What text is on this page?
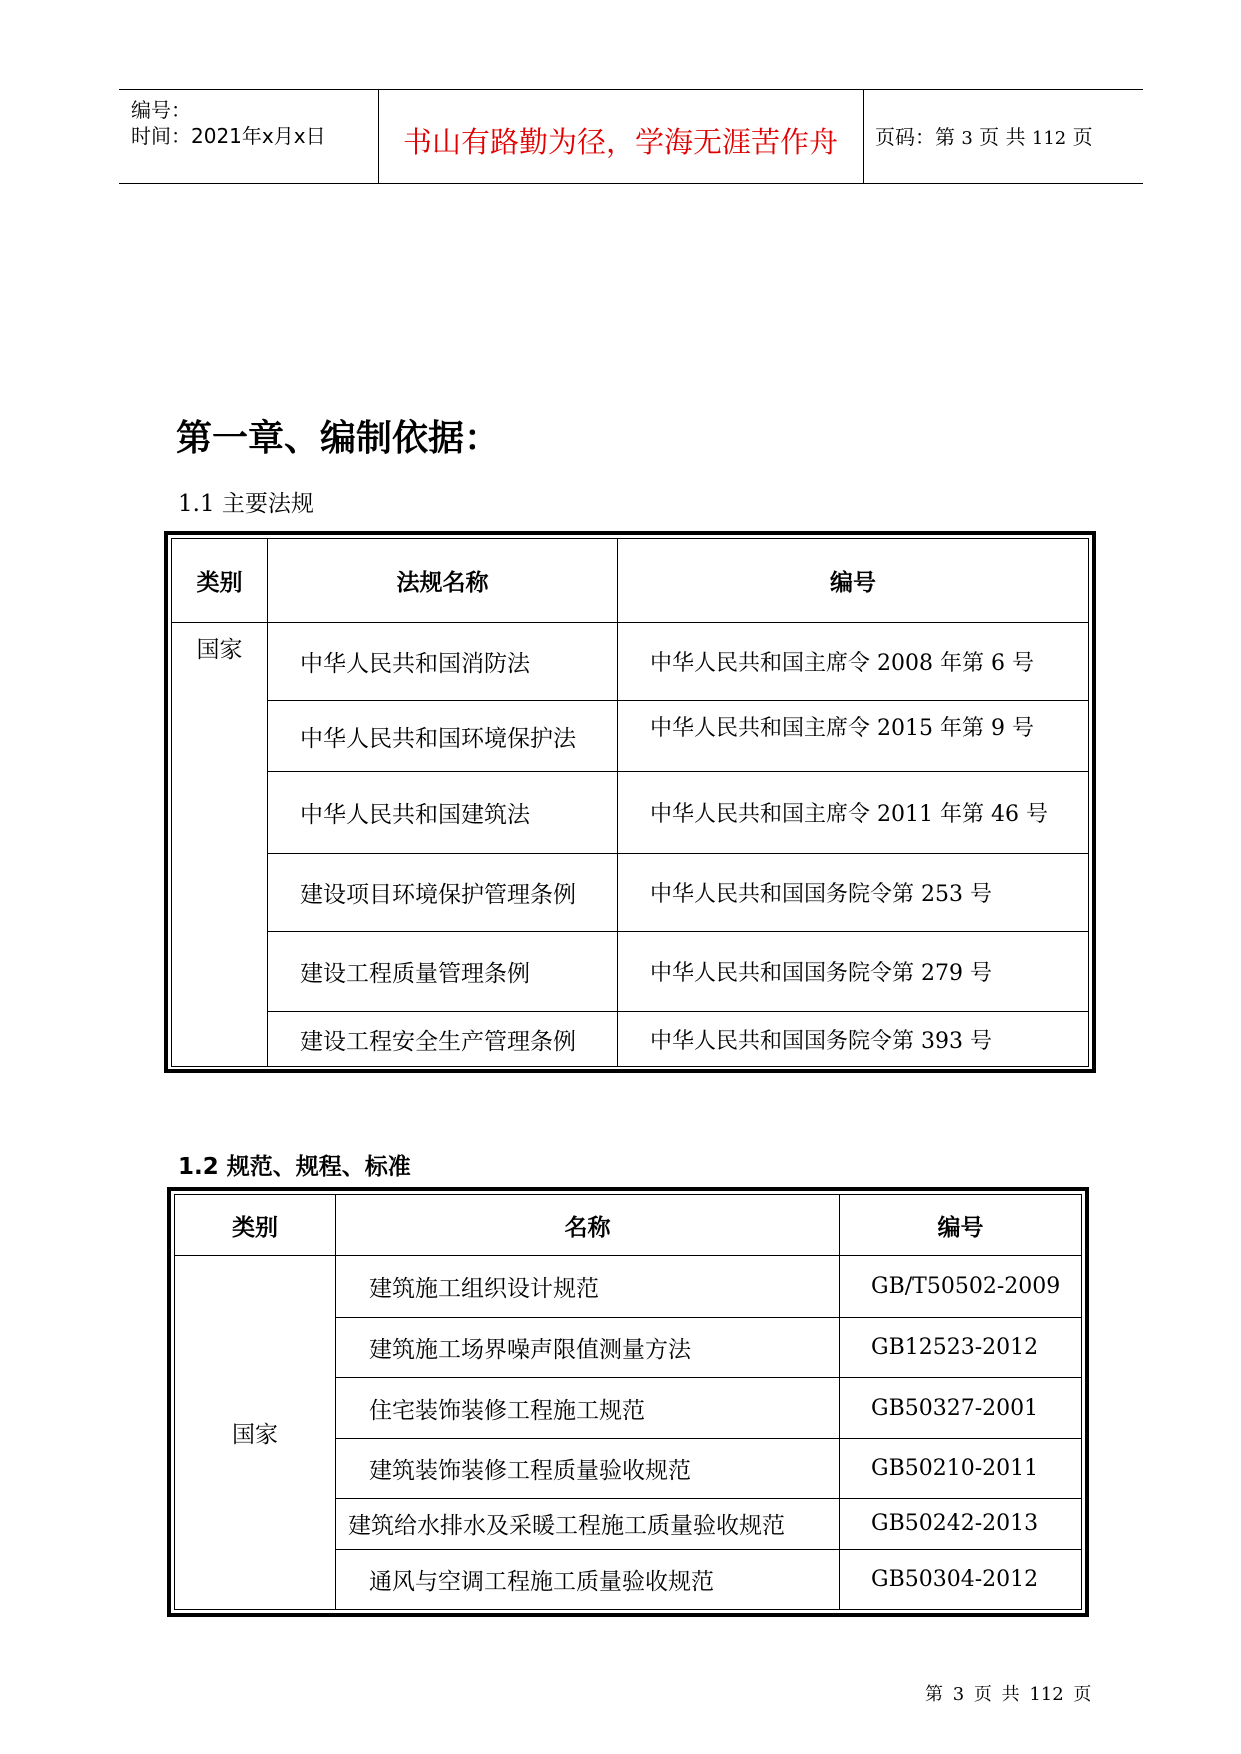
编号：
时间：2021年x月x日	书山有路勤为径，学海无涯苦作舟	页码：第 3 页 共 112 页
第一章、编制依据：
1.1 主要法规
类别	法规名称	编号
国家	中华人民共和国消防法	中华人民共和国主席令 2008 年第 6 号
	中华人民共和国环境保护法	中华人民共和国主席令 2015 年第 9 号
	中华人民共和国建筑法	中华人民共和国主席令 2011 年第 46 号
	建设项目环境保护管理条例	中华人民共和国国务院令第 253 号
	建设工程质量管理条例	中华人民共和国国务院令第 279 号
	建设工程安全生产管理条例	中华人民共和国国务院令第 393 号
1.2 规范、规程、标准
类别	名称	编号
国家	建筑施工组织设计规范	GB/T50502-2009
	建筑施工场界噪声限值测量方法	GB12523-2012
	住宅装饰装修工程施工规范	GB50327-2001
	建筑装饰装修工程质量验收规范	GB50210-2011
	建筑给水排水及采暖工程施工质量验收规范	GB50242-2013
	通风与空调工程施工质量验收规范	GB50304-2012
第 3 页 共 112 页
